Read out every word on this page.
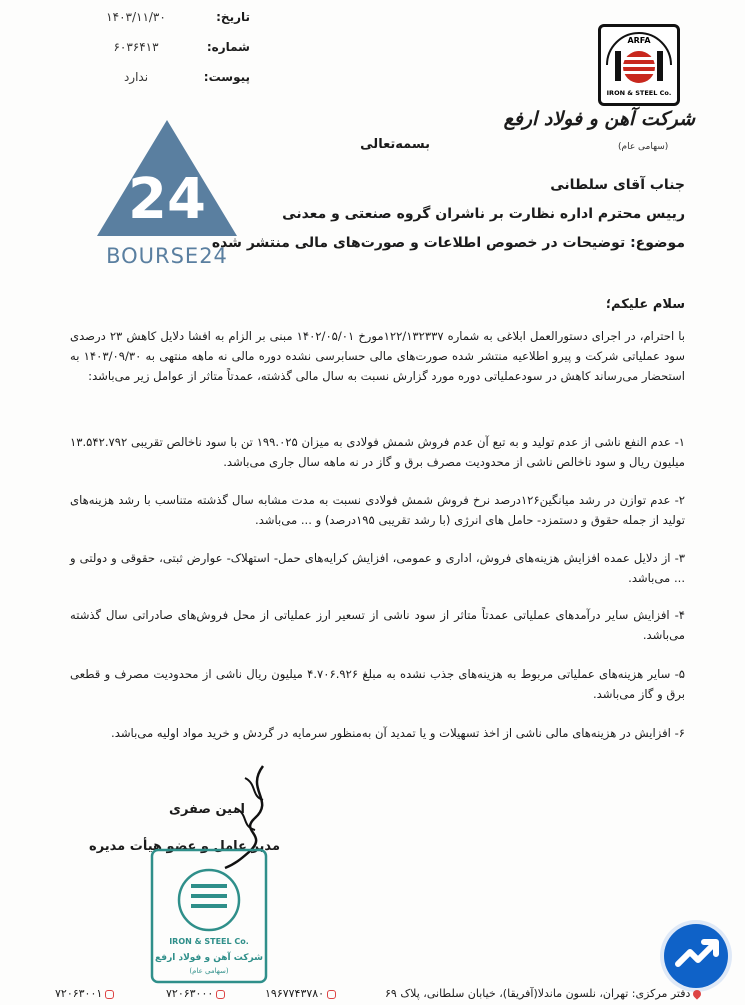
تاریخ:
۱۴۰۳/۱۱/۳۰
شماره:
۶۰۳۶۴۱۳
پیوست:
ندارد
ARFA
IRON & STEEL Co.
شرکت آهن و فولاد ارفع
(سهامی عام)
24
BOURSE24
بسمه‌تعالی
جناب آقای سلطانی
رییس محترم اداره نظارت بر ناشران گروه صنعتی و معدنی
موضوع: توضیحات در خصوص اطلاعات و صورت‌های مالی منتشر شده
سلام علیکم؛
با احترام، در اجرای دستورالعمل ابلاغی به شماره ۱۲۲/۱۳۲۳۳۷مورخ ۱۴۰۲/۰۵/۰۱ مبنی بر الزام به افشا دلایل کاهش ۲۳ درصدی سود عملیاتی شرکت و پیرو اطلاعیه منتشر شده صورت‌های مالی حسابرسی نشده دوره مالی نه ماهه منتهی به ۱۴۰۳/۰۹/۳۰ به استحضار می‌رساند کاهش در سودعملیاتی دوره مورد گزارش نسبت به سال مالی گذشته، عمدتاً متاثر از عوامل زیر می‌باشد:
۱- عدم النفع ناشی از عدم تولید و به تبع آن عدم فروش شمش فولادی به میزان ۱۹۹.۰۲۵ تن با سود ناخالص تقریبی ۱۳.۵۴۲.۷۹۲ میلیون ریال و سود ناخالص ناشی از محدودیت مصرف برق و گاز در نه ماهه سال جاری می‌باشد.
۲- عدم توازن در رشد میانگین۱۲۶درصد نرخ فروش شمش فولادی نسبت به مدت مشابه سال گذشته متناسب با رشد هزینه‌های تولید از جمله حقوق و دستمزد- حامل های انرژی (با رشد تقریبی ۱۹۵درصد) و ... می‌باشد.
۳- از دلایل عمده افزایش هزینه‌های فروش، اداری و عمومی، افزایش کرایه‌های حمل- استهلاک- عوارض ثبتی، حقوقی و دولتی و ... می‌باشد.
۴- افزایش سایر درآمدهای عملیاتی عمدتاً متاثر از سود ناشی از تسعیر ارز عملیاتی از محل فروش‌های صادراتی سال گذشته می‌باشد.
۵- سایر هزینه‌های عملیاتی مربوط به هزینه‌های جذب نشده به مبلغ ۴.۷۰۶.۹۲۶ میلیون ریال ناشی از محدودیت مصرف و قطعی برق و گاز می‌باشد.
۶- افزایش در هزینه‌های مالی ناشی از اخذ تسهیلات و یا تمدید آن به‌منظور سرمایه در گردش و خرید مواد اولیه می‌باشد.
امین صفری
مدیر عامل و عضو هیأت مدیره
IRON & STEEL Co.
شرکت آهن و فولاد ارفع
(سهامی عام)
۷۲۰۶۳۰۰۱	۷۲۰۶۳۰۰۰	۱۹۶۷۷۴۳۷۸۰	دفتر مرکزی: تهران، نلسون ماندلا(آفریقا)، خیابان سلطانی، پلاک ۶۹
